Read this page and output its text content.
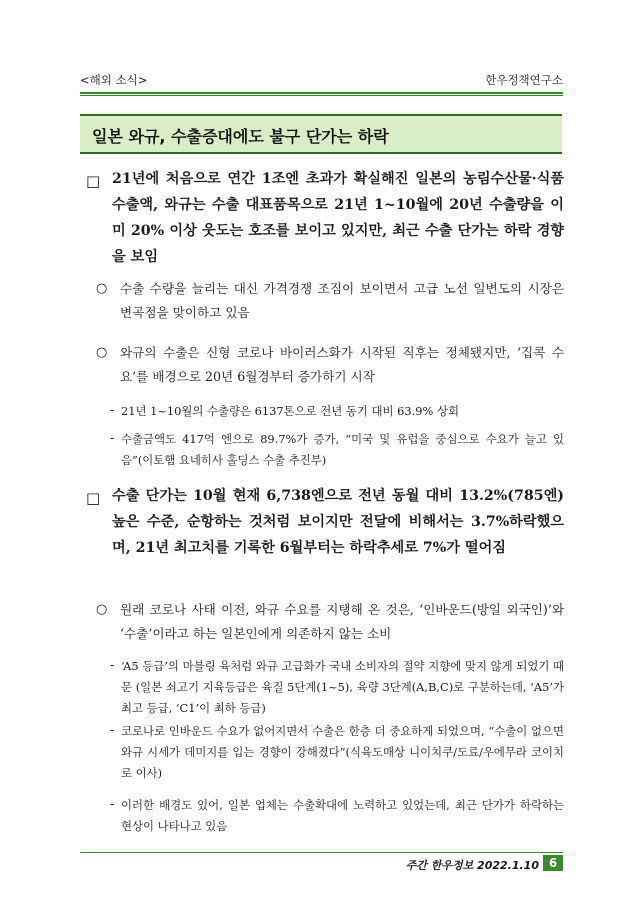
<해외 소식>	한우정책연구소
일본 와규, 수출증대에도 불구 단가는 하락
□ 21년에 처음으로 연간 1조엔 초과가 확실해진 일본의 농림수산물·식품 수출액, 와규는 수출 대표품목으로 21년 1~10월에 20년 수출량을 이미 20% 이상 웃도는 호조를 보이고 있지만, 최근 수출 단가는 하락 경향을 보임
○ 수출 수량을 늘리는 대신 가격경쟁 조짐이 보이면서 고급 노선 일변도의 시장은 변곡점을 맞이하고 있음
○ 와규의 수출은 신형 코로나 바이러스화가 시작된 직후는 정체됐지만, ‘집콕 수요’를 배경으로 20년 6월경부터 증가하기 시작
- 21년 1~10월의 수출량은 6137톤으로 전년 동기 대비 63.9% 상회
- 수출금액도 417억 엔으로 89.7%가 증가, “미국 및 유럽을 중심으로 수요가 늘고 있음”(이토햄 요네히사 홀딩스 수출 추진부)
□ 수출 단가는 10월 현재 6,738엔으로 전년 동월 대비 13.2%(785엔) 높은 수준, 순항하는 것처럼 보이지만 전달에 비해서는 3.7%하락했으며, 21년 최고치를 기록한 6월부터는 하락추세로 7%가 떨어짐
○ 원래 코로나 사태 이전, 와규 수요를 지탱해 온 것은, ‘인바운드(방일 외국인)’와 ‘수출’이라고 하는 일본인에게 의존하지 않는 소비
- ‘A5 등급’의 마블링 육처럼 와규 고급화가 국내 소비자의 절약 지향에 맞지 않게 되었기 때문 (일본 쇠고기 지육등급은 육질 5단계(1~5), 육량 3단계(A,B,C)로 구분하는데, ‘A5’가 최고 등급, ‘C1’이 최하 등급)
- 코로나로 인바운드 수요가 없어지면서 수출은 한층 더 중요하게 되었으며, “수출이 없으면 와규 시세가 데미지를 입는 경향이 강해졌다”(식육도매상 니이치쿠/도료/우에무라 코이치로 이사)
- 이러한 배경도 있어, 일본 업체는 수출확대에 노력하고 있었는데, 최근 단가가 하락하는 현상이 나타나고 있음
주간 한우정보 2022.1.10 6
